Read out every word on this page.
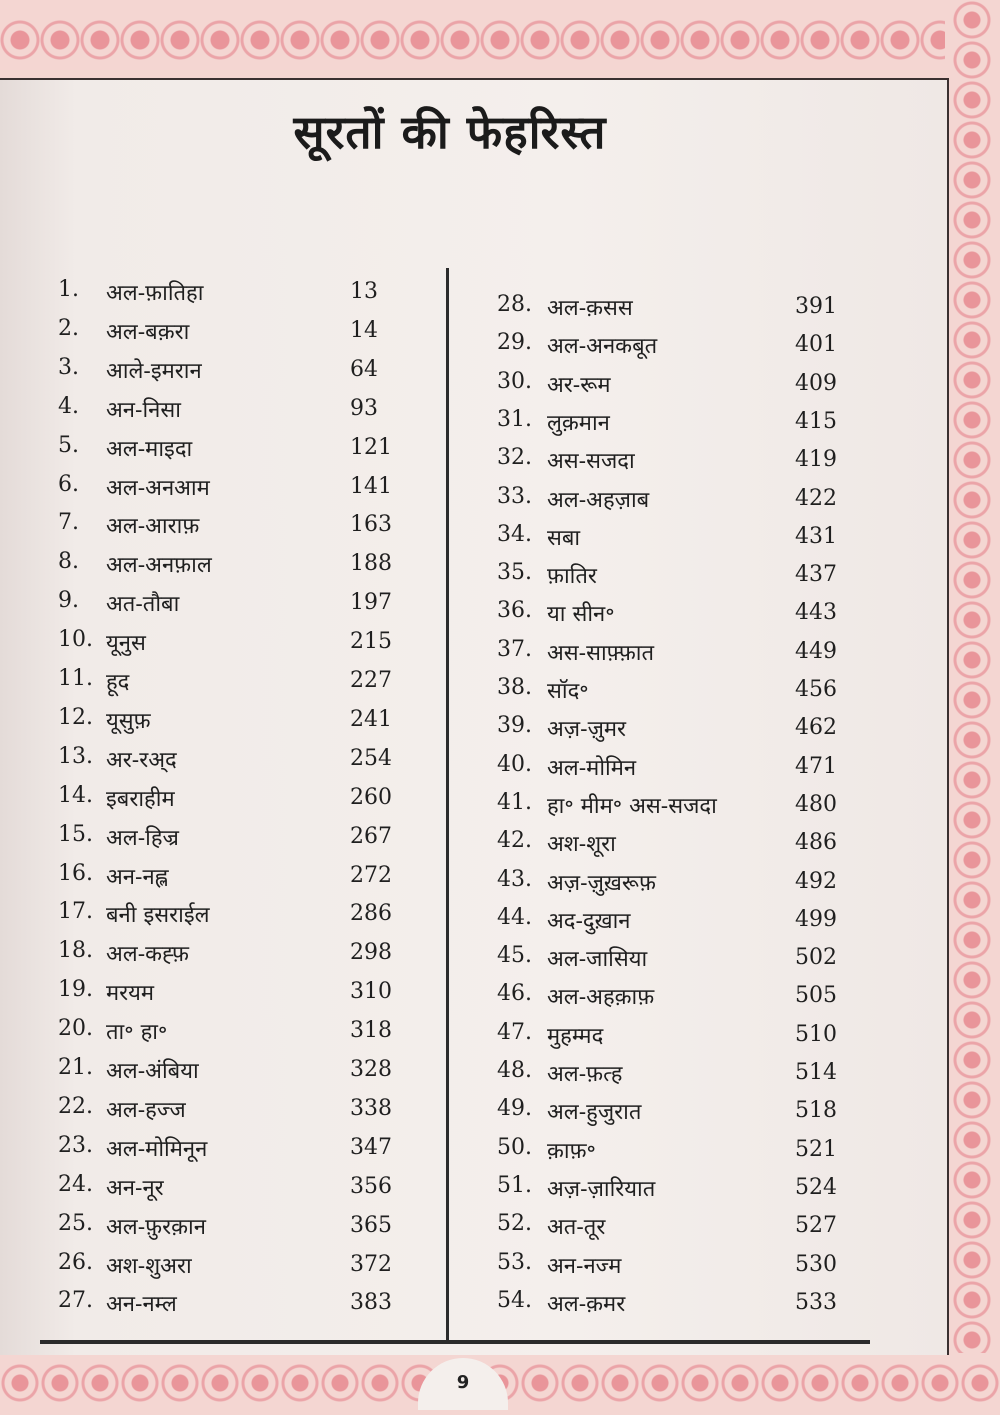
सूरतों की फेहरिस्त
1.	अल-फ़ातिहा	13
2.	अल-बक़रा	14
3.	आले-इमरान	64
4.	अन-निसा	93
5.	अल-माइदा	121
6.	अल-अनआम	141
7.	अल-आराफ़	163
8.	अल-अनफ़ाल	188
9.	अत-तौबा	197
10. यूनुस	215
11. हूद	227
12. यूसुफ़	241
13. अर-रअ्द	254
14. इबराहीम	260
15. अल-हिज्र	267
16. अन-नह्ल	272
17. बनी इसराईल	286
18. अल-कह्फ़	298
19. मरयम	310
20. ता॰ हा॰	318
21. अल-अंबिया	328
22. अल-हज्ज	338
23. अल-मोमिनून	347
24. अन-नूर	356
25. अल-फ़ुरक़ान	365
26. अश-शुअरा	372
27. अन-नम्ल	383
28. अल-क़सस	391
29. अल-अनकबूत	401
30. अर-रूम	409
31. लुक़मान	415
32. अस-सजदा	419
33. अल-अहज़ाब	422
34. सबा	431
35. फ़ातिर	437
36. या सीन॰	443
37. अस-साफ़्फ़ात	449
38. सॉद॰	456
39. अज़-ज़ुमर	462
40. अल-मोमिन	471
41. हा॰ मीम॰ अस-सजदा	480
42. अश-शूरा	486
43. अज़-ज़ुख़रूफ़	492
44. अद-दुख़ान	499
45. अल-जासिया	502
46. अल-अहक़ाफ़	505
47. मुहम्मद	510
48. अल-फ़त्ह	514
49. अल-हुजुरात	518
50. क़ाफ़॰	521
51. अज़-ज़ारियात	524
52. अत-तूर	527
53. अन-नज्म	530
54. अल-क़मर	533
9
